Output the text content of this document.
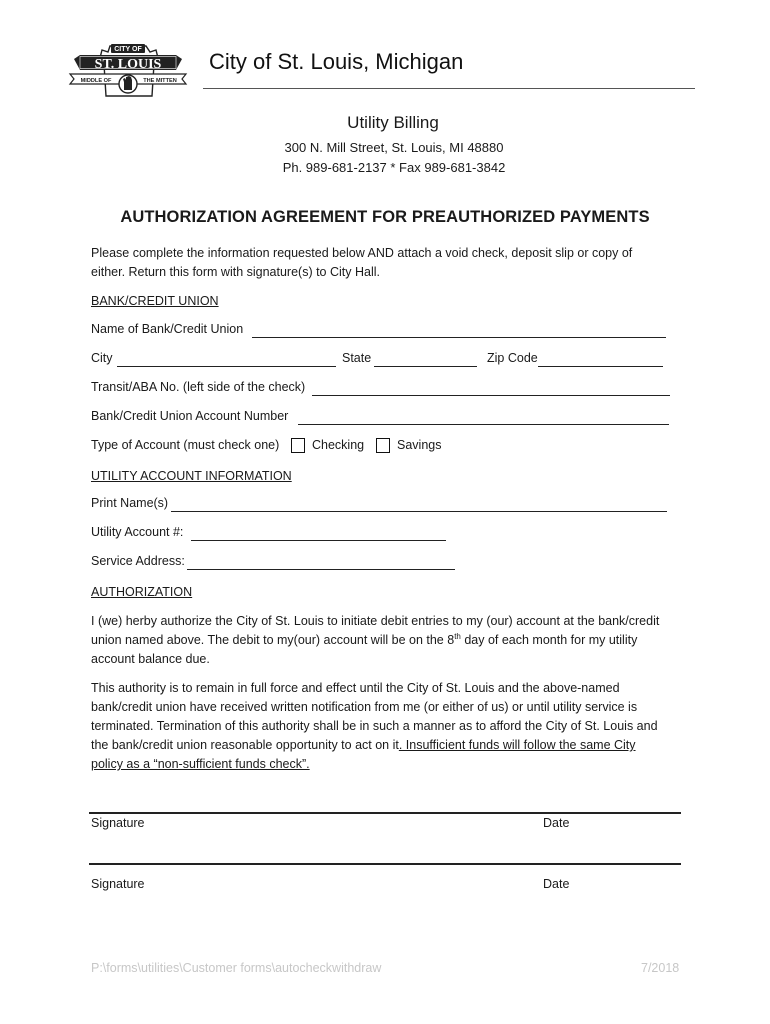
CITY OF
ST. LOUIS
MIDDLE OF	THE MITTEN
City of St. Louis, Michigan
Utility Billing
300 N. Mill Street, St. Louis, MI 48880
Ph. 989-681-2137 * Fax 989-681-3842
AUTHORIZATION AGREEMENT FOR PREAUTHORIZED PAYMENTS
Please complete the information requested below AND attach a void check, deposit slip or copy of
either. Return this form with signature(s) to City Hall.
BANK/CREDIT UNION
Name of Bank/Credit Union
City	State	Zip Code
Transit/ABA No. (left side of the check)
Bank/Credit Union Account Number
Type of Account (must check one)	Checking	Savings
UTILITY ACCOUNT INFORMATION
Print Name(s)
Utility Account #:
Service Address:
AUTHORIZATION
I (we) herby authorize the City of St. Louis to initiate debit entries to my (our) account at the bank/credit
union named above. The debit to my(our) account will be on the 8th day of each month for my utility
account balance due.
This authority is to remain in full force and effect until the City of St. Louis and the above-named
bank/credit union have received written notification from me (or either of us) or until utility service is
terminated. Termination of this authority shall be in such a manner as to afford the City of St. Louis and
the bank/credit union reasonable opportunity to act on it. Insufficient funds will follow the same City
policy as a “non-sufficient funds check”.
Signature	Date
Signature	Date
P:\forms\utilities\Customer forms\autocheckwithdraw	7/2018
